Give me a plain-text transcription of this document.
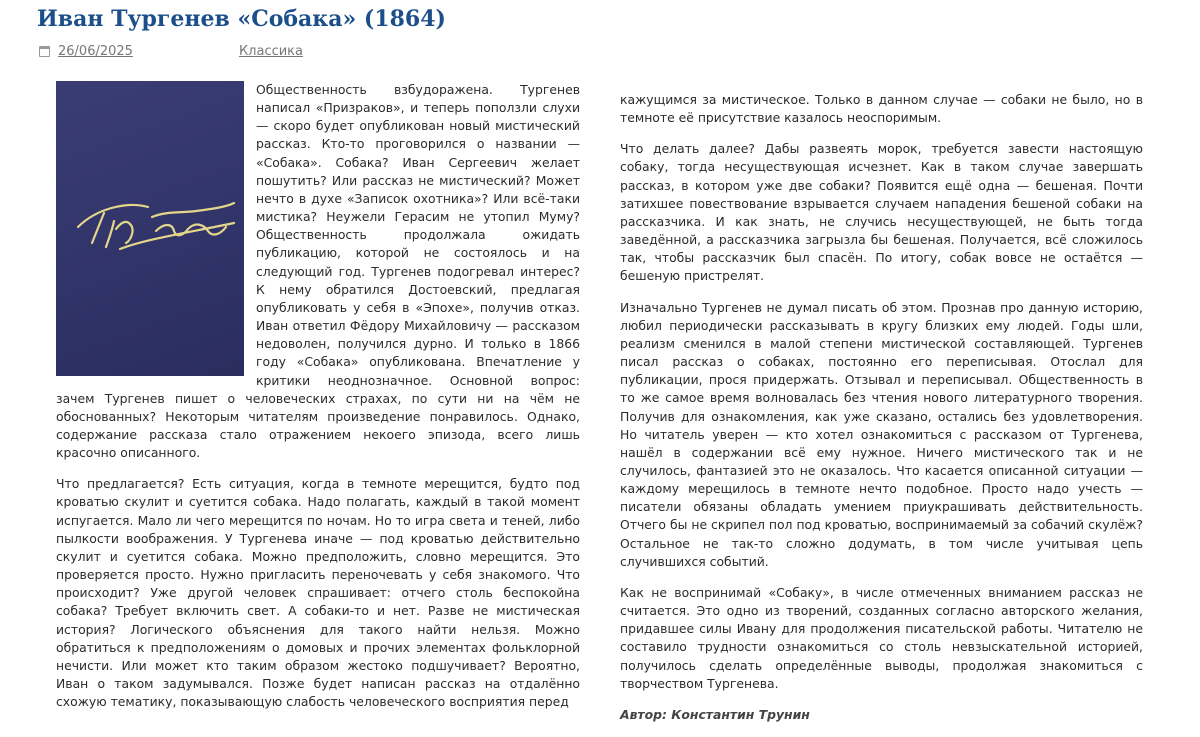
Иван Тургенев «Собака» (1864)
26/06/2025	Классика

Общественность взбудоражена. Тургенев написал «Призраков», и теперь поползли слухи — скоро будет опубликован новый мистический рассказ. Кто-то проговорился о названии — «Собака». Собака? Иван Сергеевич желает пошутить? Или рассказ не мистический? Может нечто в духе «Записок охотника»? Или всё-таки мистика? Неужели Герасим не утопил Муму? Общественность продолжала ожидать публикацию, которой не состоялось и на следующий год. Тургенев подогревал интерес? К нему обратился Достоевский, предлагая опубликовать у себя в «Эпохе», получив отказ. Иван ответил Фёдору Михайловичу — рассказом недоволен, получился дурно. И только в 1866 году «Собака» опубликована. Впечатление у критики неоднозначное. Основной вопрос: зачем Тургенев пишет о человеческих страхах, по сути ни на чём не обоснованных? Некоторым читателям произведение понравилось. Однако, содержание рассказа стало отражением некоего эпизода, всего лишь красочно описанного.

Что предлагается? Есть ситуация, когда в темноте мерещится, будто под кроватью скулит и суетится собака. Надо полагать, каждый в такой момент испугается. Мало ли чего мерещится по ночам. Но то игра света и теней, либо пылкости воображения. У Тургенева иначе — под кроватью действительно скулит и суетится собака. Можно предположить, словно мерещится. Это проверяется просто. Нужно пригласить переночевать у себя знакомого. Что происходит? Уже другой человек спрашивает: отчего столь беспокойна собака? Требует включить свет. А собаки-то и нет. Разве не мистическая история? Логического объяснения для такого найти нельзя. Можно обратиться к предположениям о домовых и прочих элементах фольклорной нечисти. Или может кто таким образом жестоко подшучивает? Вероятно, Иван о таком задумывался. Позже будет написан рассказ на отдалённо схожую тематику, показывающую слабость человеческого восприятия перед

кажущимся за мистическое. Только в данном случае — собаки не было, но в темноте её присутствие казалось неоспоримым.

Что делать далее? Дабы развеять морок, требуется завести настоящую собаку, тогда несуществующая исчезнет. Как в таком случае завершать рассказ, в котором уже две собаки? Появится ещё одна — бешеная. Почти затихшее повествование взрывается случаем нападения бешеной собаки на рассказчика. И как знать, не случись несуществующей, не быть тогда заведённой, а рассказчика загрызла бы бешеная. Получается, всё сложилось так, чтобы рассказчик был спасён. По итогу, собак вовсе не остаётся — бешеную пристрелят.

Изначально Тургенев не думал писать об этом. Прознав про данную историю, любил периодически рассказывать в кругу близких ему людей. Годы шли, реализм сменился в малой степени мистической составляющей. Тургенев писал рассказ о собаках, постоянно его переписывая. Отослал для публикации, прося придержать. Отзывал и переписывал. Общественность в то же самое время волновалась без чтения нового литературного творения. Получив для ознакомления, как уже сказано, остались без удовлетворения. Но читатель уверен — кто хотел ознакомиться с рассказом от Тургенева, нашёл в содержании всё ему нужное. Ничего мистического так и не случилось, фантазией это не оказалось. Что касается описанной ситуации — каждому мерещилось в темноте нечто подобное. Просто надо учесть — писатели обязаны обладать умением приукрашивать действительность. Отчего бы не скрипел пол под кроватью, воспринимаемый за собачий скулёж? Остальное не так-то сложно додумать, в том числе учитывая цепь случившихся событий.

Как не воспринимай «Собаку», в числе отмеченных вниманием рассказ не считается. Это одно из творений, созданных согласно авторского желания, придавшее силы Ивану для продолжения писательской работы. Читателю не составило трудности ознакомиться со столь невзыскательной историей, получилось сделать определённые выводы, продолжая знакомиться с творчеством Тургенева.

Автор: Константин Трунин
